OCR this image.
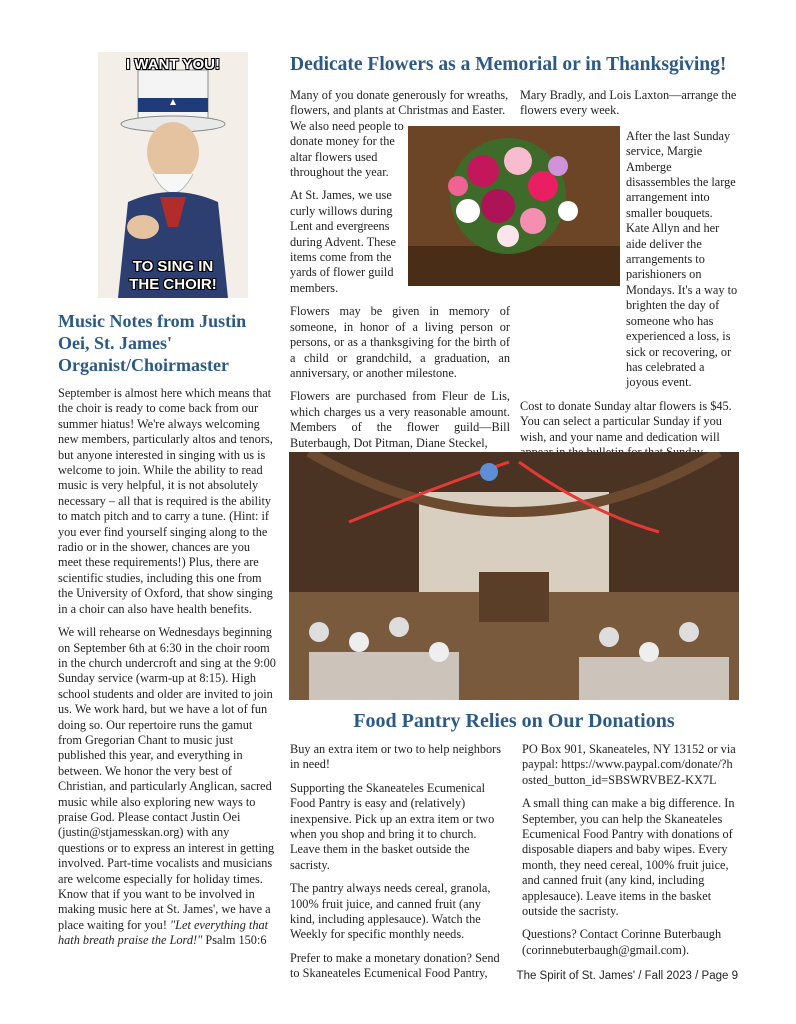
I WANT YOU!
TO SING IN
THE CHOIR!
Dedicate Flowers as a Memorial or in Thanksgiving!

Many of you donate generously for wreaths, flowers, and plants at Christmas and Easter.

We also need people to donate money for the altar flowers used throughout the year.

At St. James, we use curly willows during Lent and evergreens during Advent. These items come from the yards of flower guild members.

Flowers may be given in memory of someone, in honor of a living person or persons, or as a thanksgiving for the birth of a child or grandchild, a graduation, an anniversary, or another milestone.

Flowers are purchased from Fleur de Lis, which charges us a very reasonable amount. Members of the flower guild—Bill Buterbaugh, Dot Pitman, Diane Steckel,

Mary Bradly, and Lois Laxton—arrange the flowers every week.

After the last Sunday service, Margie Amberge disassembles the large arrangement into smaller bouquets. Kate Allyn and her aide deliver the arrangements to parishioners on Mondays. It's a way to brighten the day of someone who has experienced a loss, is sick or recovering, or has celebrated a joyous event.

Cost to donate Sunday altar flowers is $45. You can select a particular Sunday if you wish, and your name and dedication will

Music Notes from Justin Oei, St. James' Organist/Choirmaster

September is almost here which means that the choir is ready to come back from our summer hiatus! We're always welcoming new members, particularly altos and tenors, but anyone interested in singing with us is welcome to join. While the ability to read music is very helpful, it is not absolutely necessary – all that is required is the ability to match pitch and to carry a tune. (Hint: if you ever find yourself singing along to the radio or in the shower, chances are you meet these requirements!) Plus, there are scientific studies, including this one from the University of Oxford, that show singing in a choir can also have health benefits.

We will rehearse on Wednesdays beginning on September 6th at 6:30 in the choir room in the church undercroft and sing at the 9:00 Sunday service (warm-up at 8:15). High school students and older are invited to join us. We work hard, but we have a lot of fun doing so. Our repertoire runs the gamut from Gregorian Chant to music just published this year, and everything in between. We honor the very best of Christian, and particularly Anglican, sacred music while also exploring new ways to praise God. Please contact Justin Oei (justin@stjamesskan.org) with any questions or to express an interest in getting involved. Part-time vocalists and musicians are welcome especially for holiday times.

Know that if you want to be involved in making music here at St. James', we have a place waiting for you! "Let everything that hath breath praise the Lord!" Psalm 150:6

Food Pantry Relies on Our Donations

Buy an extra item or two to help neighbors in need!

Supporting the Skaneateles Ecumenical Food Pantry is easy and (relatively) inexpensive. Pick up an extra item or two when you shop and bring it to church. Leave them in the basket outside the sacristy.

The pantry always needs cereal, granola, 100% fruit juice, and canned fruit (any kind, including applesauce). Watch the Weekly for specific monthly needs.

Prefer to make a monetary donation? Send to Skaneateles Ecumenical Food Pantry,

PO Box 901, Skaneateles, NY 13152 or via paypal: https://www.paypal.com/donate/?hosted_button_id=SBSWRVBEZ-KX7L

A small thing can make a big difference. In September, you can help the Skaneateles Ecumenical Food Pantry with donations of disposable diapers and baby wipes. Every month, they need cereal, 100% fruit juice, and canned fruit (any kind, including applesauce). Leave items in the basket outside the sacristy.

Questions? Contact Corinne Buterbaugh (corinnebuterbaugh@gmail.com).

The Spirit of St. James' / Fall 2023 / Page 9
